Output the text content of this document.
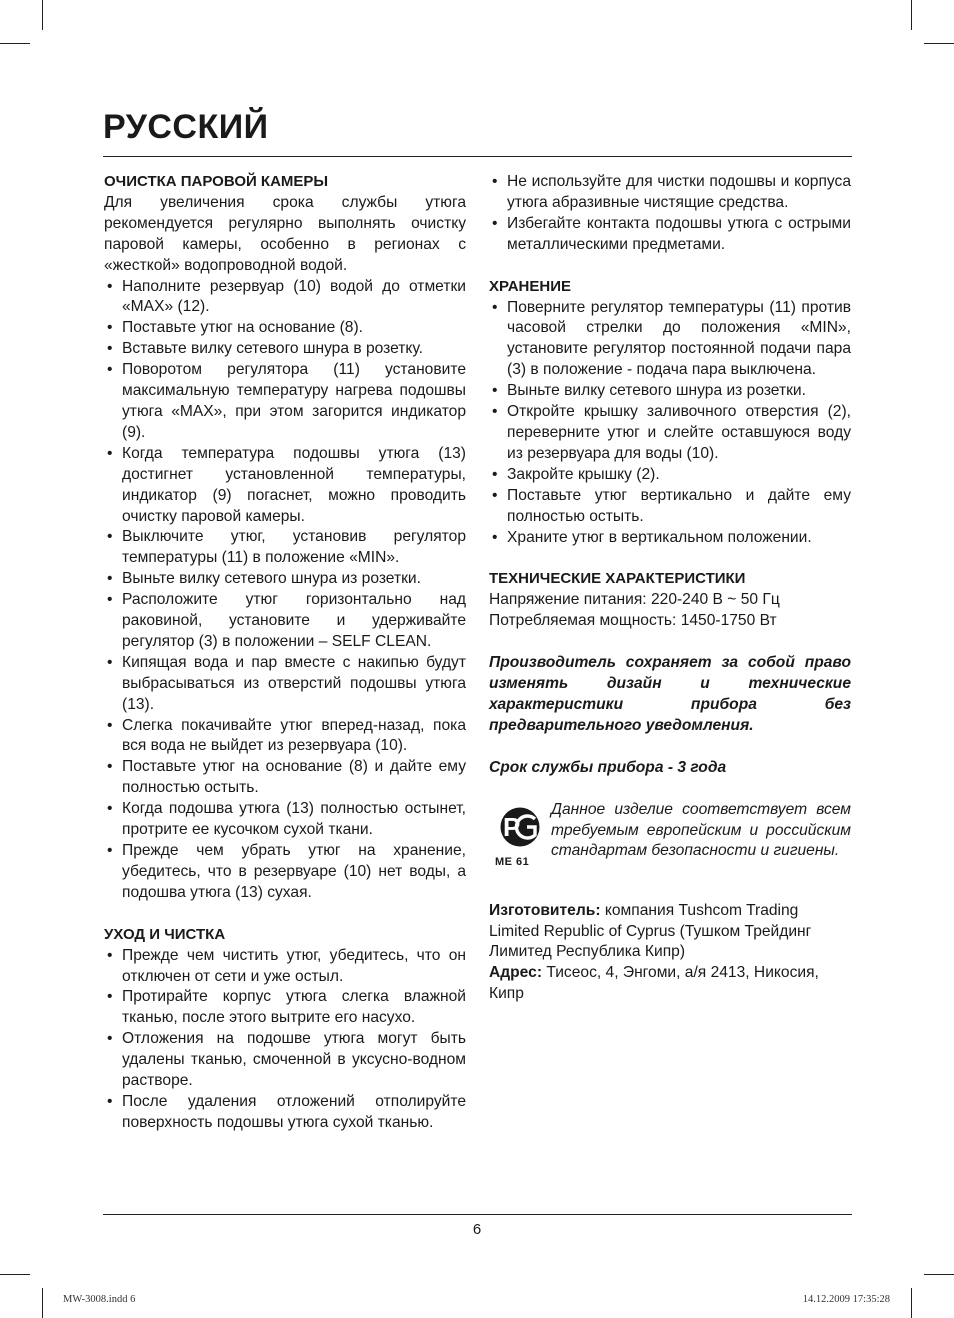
РУССКИЙ
ОЧИСТКА ПАРОВОЙ КАМЕРЫ

Для увеличения срока службы утюга рекомендуется регулярно выполнять очистку паровой камеры, особенно в регионах с «жесткой» водопроводной водой.

• Наполните резервуар (10) водой до отметки «MAX» (12).
• Поставьте утюг на основание (8).
• Вставьте вилку сетевого шнура в розетку.
• Поворотом регулятора (11) установите максимальную температуру нагрева подошвы утюга «MAX», при этом загорится индикатор (9).
• Когда температура подошвы утюга (13) достигнет установленной температуры, индикатор (9) погаснет, можно проводить очистку паровой камеры.
• Выключите утюг, установив регулятор температуры (11) в положение «MIN».
• Выньте вилку сетевого шнура из розетки.
• Расположите утюг горизонтально над раковиной, установите и удерживайте регулятор (3) в положении – SELF CLEAN.
• Кипящая вода и пар вместе с накипью будут выбрасываться из отверстий подошвы утюга (13).
• Слегка покачивайте утюг вперед-назад, пока вся вода не выйдет из резервуара (10).
• Поставьте утюг на основание (8) и дайте ему полностью остыть.
• Когда подошва утюга (13) полностью остынет, протрите ее кусочком сухой ткани.
• Прежде чем убрать утюг на хранение, убедитесь, что в резервуаре (10) нет воды, а подошва утюга (13) сухая.
УХОД И ЧИСТКА
• Прежде чем чистить утюг, убедитесь, что он отключен от сети и уже остыл.
• Протирайте корпус утюга слегка влажной тканью, после этого вытрите его насухо.
• Отложения на подошве утюга могут быть удалены тканью, смоченной в уксусно-водном растворе.
• После удаления отложений отполируйте поверхность подошвы утюга сухой тканью.
• Не используйте для чистки подошвы и корпуса утюга абразивные чистящие средства.
• Избегайте контакта подошвы утюга с острыми металлическими предметами.
ХРАНЕНИЕ
• Поверните регулятор температуры (11) против часовой стрелки до положения «MIN», установите регулятор постоянной подачи пара (3) в положение - подача пара выключена.
• Выньте вилку сетевого шнура из розетки.
• Откройте крышку заливочного отверстия (2), переверните утюг и слейте оставшуюся воду из резервуара для воды (10).
• Закройте крышку (2).
• Поставьте утюг вертикально и дайте ему полностью остыть.
• Храните утюг в вертикальном положении.
ТЕХНИЧЕСКИЕ ХАРАКТЕРИСТИКИ

Напряжение питания: 220-240 В ~ 50 Гц

Потребляемая мощность: 1450-1750 Вт

Производитель сохраняет за собой право изменять дизайн и технические характеристики прибора без предварительного уведомления.

Срок службы прибора - 3 года

P
ME 61

Данное изделие соответствует всем требуемым европейским и российским стандартам безопасности и гигиены.

Изготовитель: компания Tushcom Trading Limited Republic of Cyprus (Тушком Трейдинг Лимитед Республика Кипр)

Адрес: Тисеос, 4, Энгоми, а/я 2413, Никосия, Кипр

6
MW-3008.indd 6	14.12.2009 17:35:28
